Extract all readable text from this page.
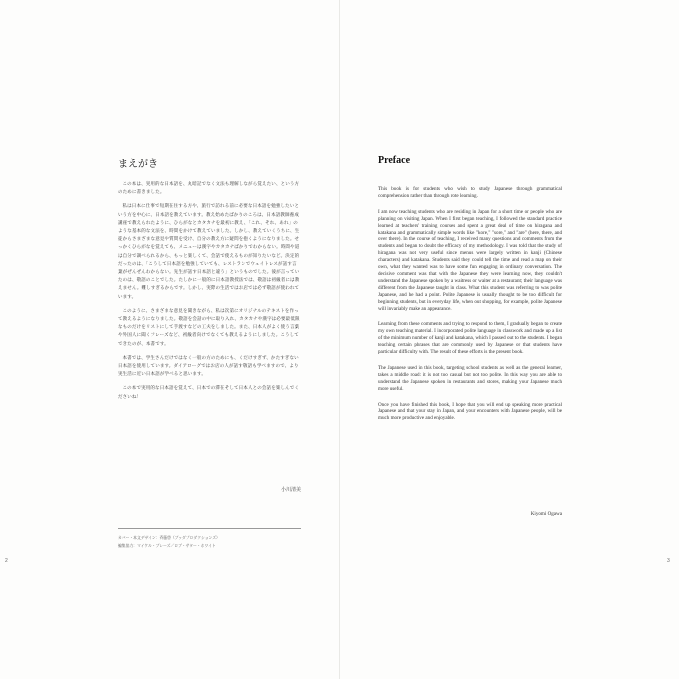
まえがき

この本は、実用的な日本語を、丸暗記でなく文法も理解しながら覚えたい、という方のために書きました。

私は日本に仕事で短期在住する方や、旅行で訪れる前に必要な日本語を勉強したいという方を中心に、日本語を教えています。教え始めたばかりのころは、日本語教師養成講座で教えられたように、ひらがなとカタカナを最初に教え、「これ、それ、あれ」のような基本的な文法を、時間をかけて教えていました。しかし、教えていくうちに、生徒からさまざまな意見や質問を受け、自分の教え方に疑問を抱くようになりました。せっかくひらがなを覚えても、メニューは漢字やカタカナばかりでわからない。時間や道は自分で調べられるから、もっと楽しくて、会話で使えるものが知りたいなど。決定的だったのは、「こうして日本語を勉強していても、レストランでウェイトレスが話す言葉がぜんぜんわからない。先生が話す日本語と違う」というものでした。彼が言っていたのは、敬語のことでした。たしかに一般的に日本語教授法では、敬語は初級者には教えません。難しすぎるからです。しかし、実際の生活ではお店では必ず敬語が使われています。

このように、さまざまな意見を聞きながら、私は次第にオリジナルのテキストを作って教えるようになりました。敬語を会話の中に取り入れ、カタカナや漢字は必要最低限なものだけをリストにして手渡すなどの工夫をしました。また、日本人がよく使う言葉や外国人に聞くフレーズなど、初級者向けでなくても教えるようにしました。こうしてできたのが、本書です。

本書では、学生さんだけではなく一般の方のためにも、くだけすぎず、かたすぎない日本語を使用しています。ダイアローグではお店の人が話す敬語も学べますので、より実生活に近い日本語が学べると思います。

この本で実用的な日本語を覚えて、日本での滞在そして日本人との会話を楽しんでくださいね！

小川清美
カバー・本文デザイン：斉藤啓（ブッダプロダクションズ）
編集協力：マイケル・ブレーズ／ロブ・サター・ホワイト
2
Preface

This book is for students who wish to study Japanese through grammatical comprehension rather than through rote learning.

I am now teaching students who are residing in Japan for a short time or people who are planning on visiting Japan. When I first began teaching, I followed the standard practice learned at teachers' training courses and spent a great deal of time on hiragana and katakana and grammatically simple words like "kore," "sore," and "are" (here, there, and over there). In the course of teaching, I received many questions and comments from the students and began to doubt the efficacy of my methodology. I was told that the study of hiragana was not very useful since menus were largely written in kanji (Chinese characters) and katakana. Students said they could tell the time and read a map on their own, what they wanted was to have some fun engaging in ordinary conversation. The decisive comment was that with the Japanese they were learning now, they couldn't understand the Japanese spoken by a waitress or waiter at a restaurant; their language was different from the Japanese taught in class. What this student was referring to was polite Japanese, and he had a point. Polite Japanese is usually thought to be too difficult for beginning students, but in everyday life, when out shopping, for example, polite Japanese will invariably make an appearance.

Learning from these comments and trying to respond to them, I gradually began to create my own teaching material. I incorporated polite language in classwork and made up a list of the minimum number of kanji and katakana, which I passed out to the students. I began teaching certain phrases that are commonly used by Japanese or that students have particular difficulty with. The result of these efforts is the present book.

The Japanese used in this book, targeting school students as well as the general learner, takes a middle road: it is not too casual but not too polite. In this way you are able to understand the Japanese spoken in restaurants and stores, making your Japanese much more useful.

Once you have finished this book, I hope that you will end up speaking more practical Japanese and that your stay in Japan, and your encounters with Japanese people, will be much more productive and enjoyable.

Kiyomi Ogawa
3
